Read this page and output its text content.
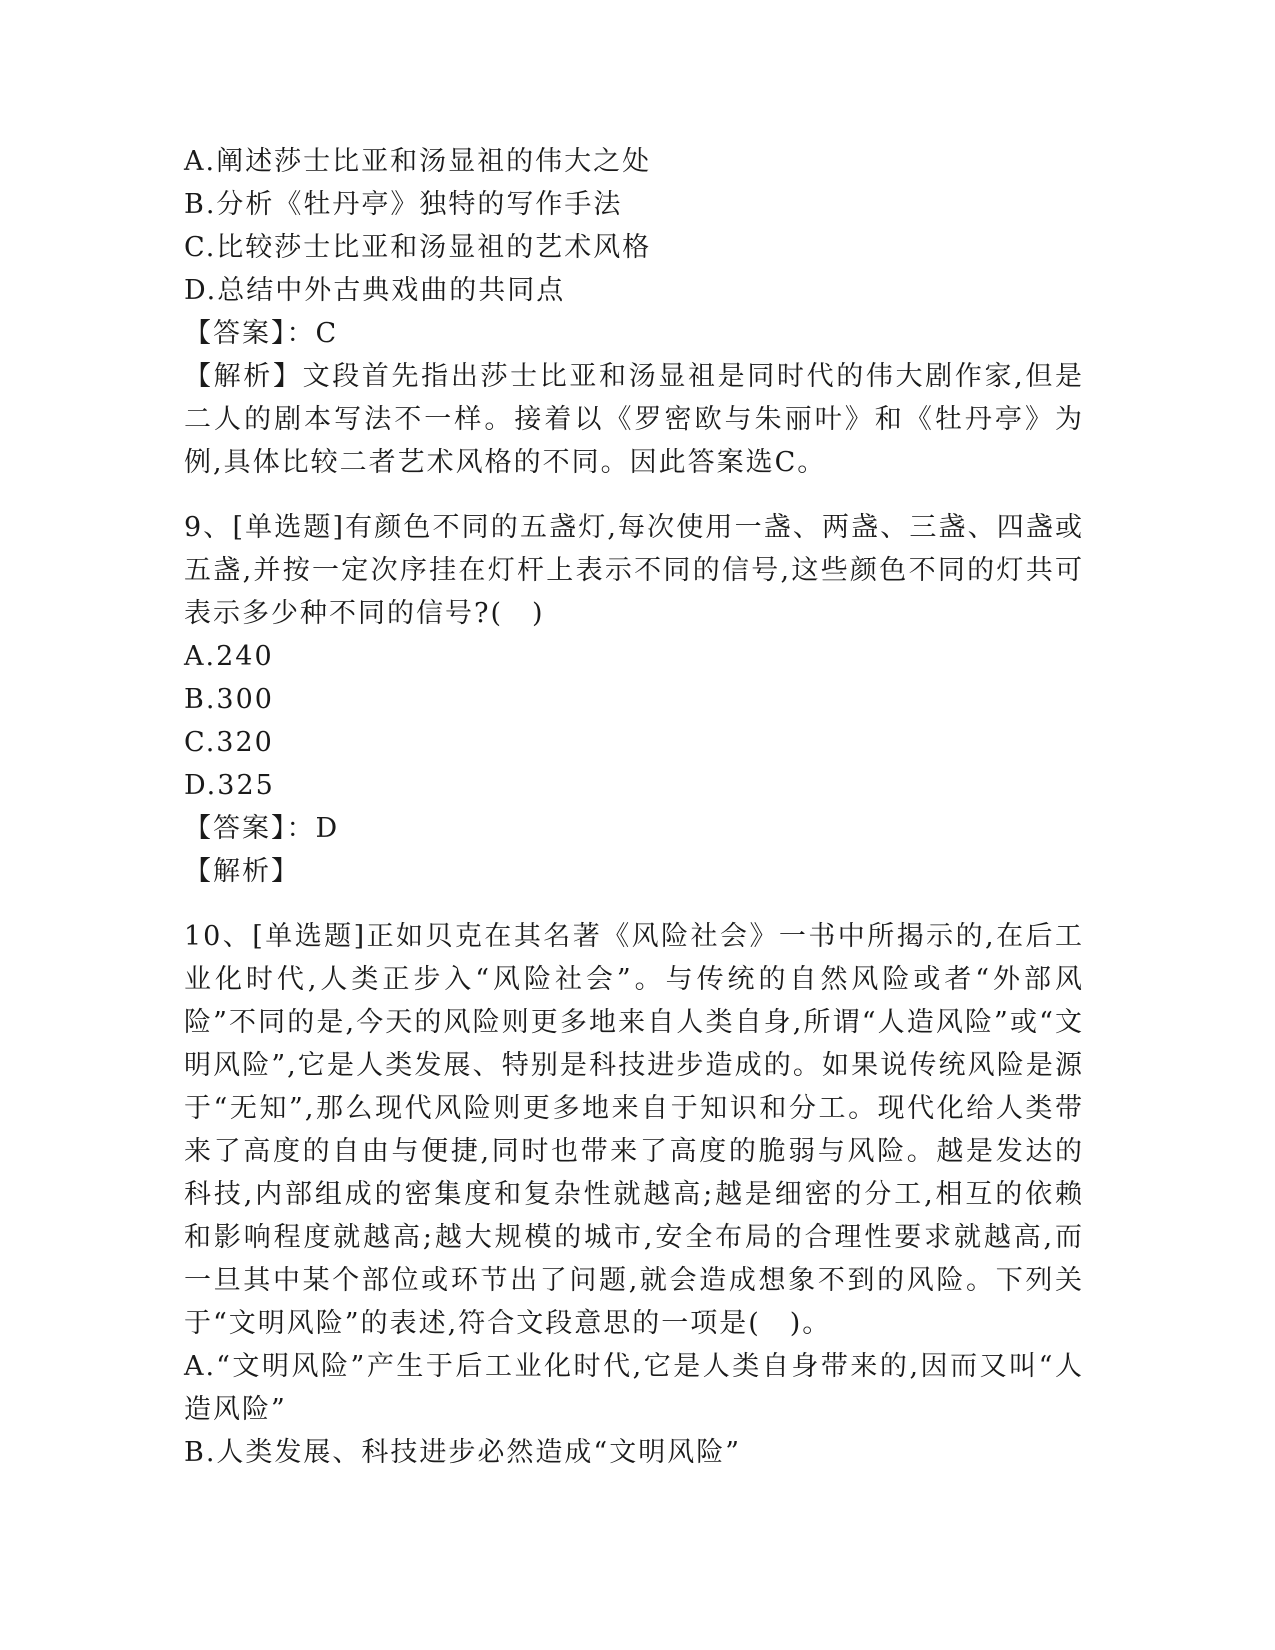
A.阐述莎士比亚和汤显祖的伟大之处
B.分析《牡丹亭》独特的写作手法
C.比较莎士比亚和汤显祖的艺术风格
D.总结中外古典戏曲的共同点
【答案】：C
【解析】文段首先指出莎士比亚和汤显祖是同时代的伟大剧作家,但是二人的剧本写法不一样。接着以《罗密欧与朱丽叶》和《牡丹亭》为例,具体比较二者艺术风格的不同。因此答案选C。
9、[单选题]有颜色不同的五盏灯,每次使用一盏、两盏、三盏、四盏或五盏,并按一定次序挂在灯杆上表示不同的信号,这些颜色不同的灯共可表示多少种不同的信号?(　)
A.240
B.300
C.320
D.325
【答案】：D
【解析】
10、[单选题]正如贝克在其名著《风险社会》一书中所揭示的,在后工业化时代,人类正步入“风险社会”。与传统的自然风险或者“外部风险”不同的是,今天的风险则更多地来自人类自身,所谓“人造风险”或“文明风险”,它是人类发展、特别是科技进步造成的。如果说传统风险是源于“无知”,那么现代风险则更多地来自于知识和分工。现代化给人类带来了高度的自由与便捷,同时也带来了高度的脆弱与风险。越是发达的科技,内部组成的密集度和复杂性就越高;越是细密的分工,相互的依赖和影响程度就越高;越大规模的城市,安全布局的合理性要求就越高,而一旦其中某个部位或环节出了问题,就会造成想象不到的风险。下列关于“文明风险”的表述,符合文段意思的一项是(　)。
A.“文明风险”产生于后工业化时代,它是人类自身带来的,因而又叫“人造风险”
B.人类发展、科技进步必然造成“文明风险”
